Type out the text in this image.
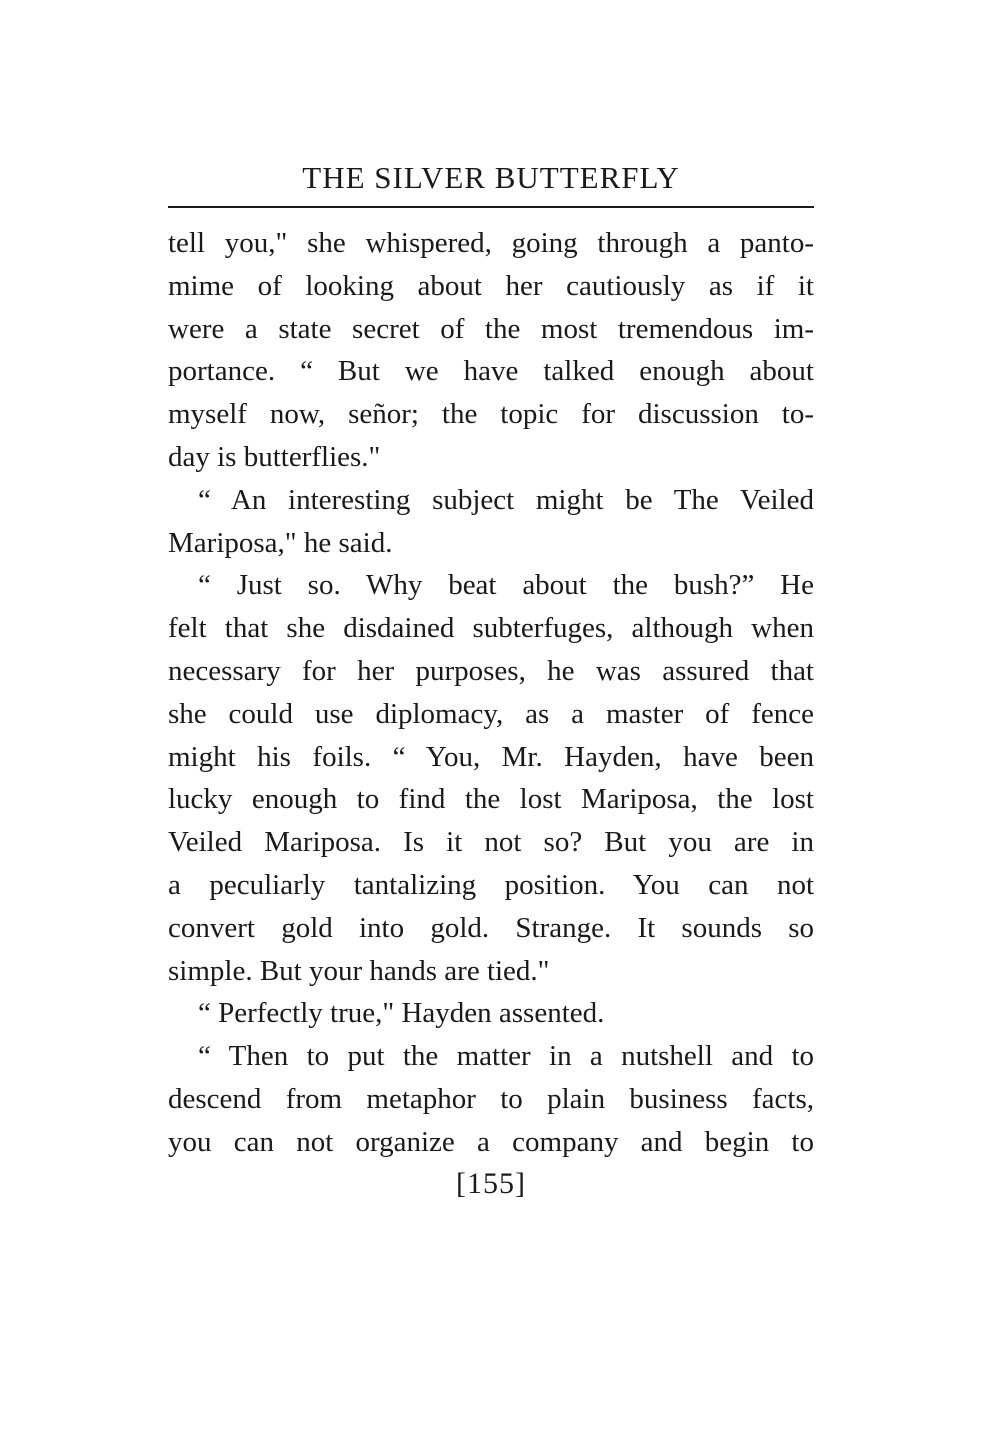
THE SILVER BUTTERFLY
tell you," she whispered, going through a panto-
mime of looking about her cautiously as if it
were a state secret of the most tremendous im-
portance. “ But we have talked enough about
myself now, señor; the topic for discussion to-
day is butterflies."
“ An interesting subject might be The Veiled
Mariposa," he said.
“ Just so. Why beat about the bush?” He
felt that she disdained subterfuges, although when
necessary for her purposes, he was assured that
she could use diplomacy, as a master of fence
might his foils. “ You, Mr. Hayden, have been
lucky enough to find the lost Mariposa, the lost
Veiled Mariposa. Is it not so? But you are in
a peculiarly tantalizing position. You can not
convert gold into gold. Strange. It sounds so
simple. But your hands are tied."
“ Perfectly true," Hayden assented.
“ Then to put the matter in a nutshell and to
descend from metaphor to plain business facts,
you can not organize a company and begin to
[155]
